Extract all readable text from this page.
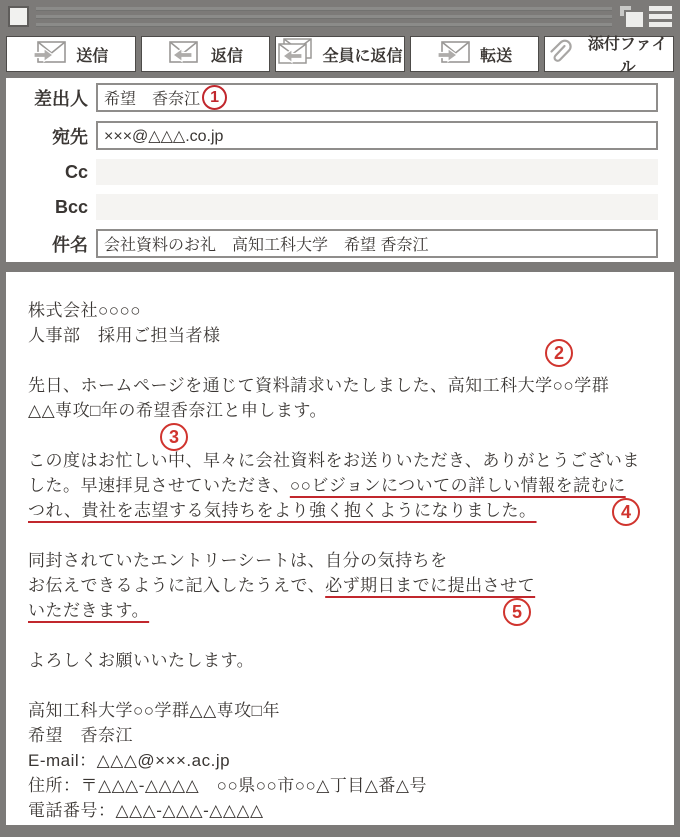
送信	返信	全員に返信	転送
添付ファイル
差出人 希望　香奈江 1
宛先 ×××@△△△.co.jp
Cc
Bcc
件名 会社資料のお礼　高知工科大学　希望 香奈江
株式会社○○○○
人事部　採用ご担当者様
2
先日、ホームページを通じて資料請求いたしました、高知工科大学○○学群
△△専攻□年の希望香奈江と申します。
3
この度はお忙しい中、早々に会社資料をお送りいただき、ありがとうございま
した。早速拝見させていただき、○○ビジョンについての詳しい情報を読むに
つれ、貴社を志望する気持ちをより強く抱くようになりました。	4
同封されていたエントリーシートは、自分の気持ちを
お伝えできるように記入したうえで、必ず期日までに提出させて
いただきます。	5
よろしくお願いいたします。
高知工科大学○○学群△△専攻□年
希望　香奈江
E-mail：△△△@×××.ac.jp
住所：〒△△△-△△△△　○○県○○市○○△丁目△番△号
電話番号：△△△-△△△-△△△△
